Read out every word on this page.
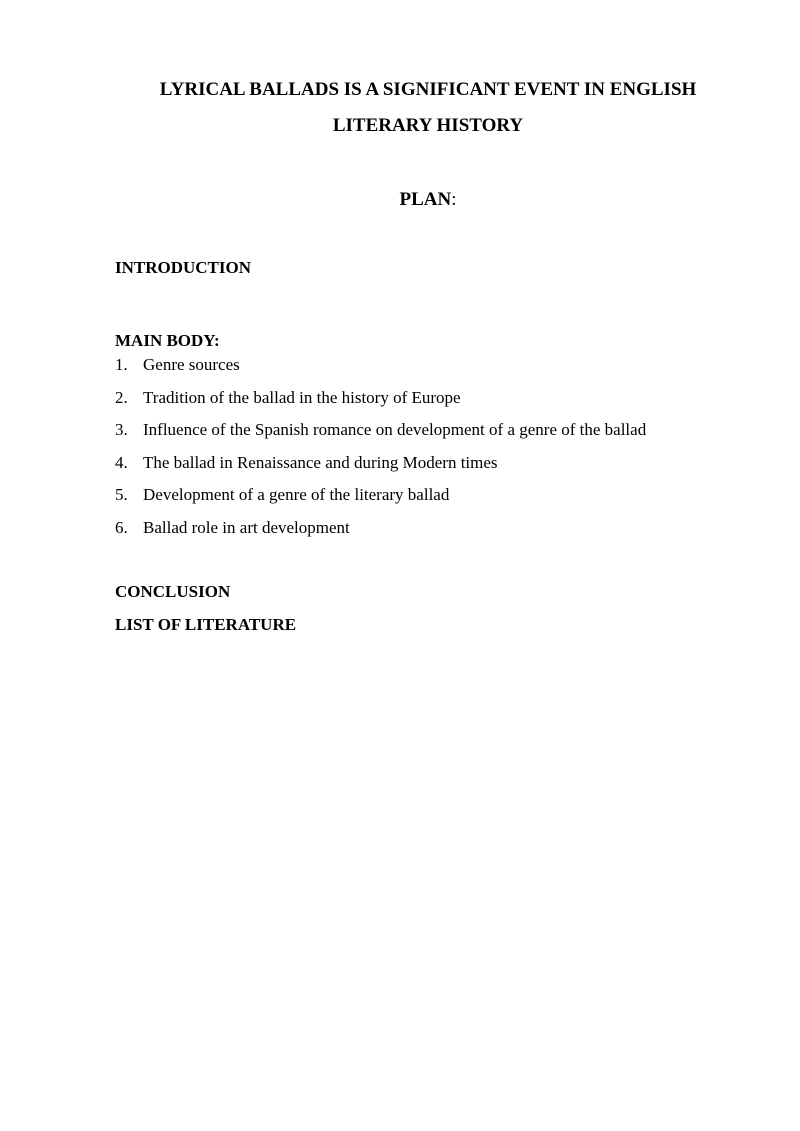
LYRICAL BALLADS IS A SIGNIFICANT EVENT IN ENGLISH
LITERARY HISTORY

PLAN:

INTRODUCTION

MAIN BODY:

1. Genre sources
2. Tradition of the ballad in the history of Europe
3. Influence of the Spanish romance on development of a genre of the ballad
4. The ballad in Renaissance and during Modern times
5. Development of a genre of the literary ballad
6. Ballad role in art development

CONCLUSION

LIST OF LITERATURE
